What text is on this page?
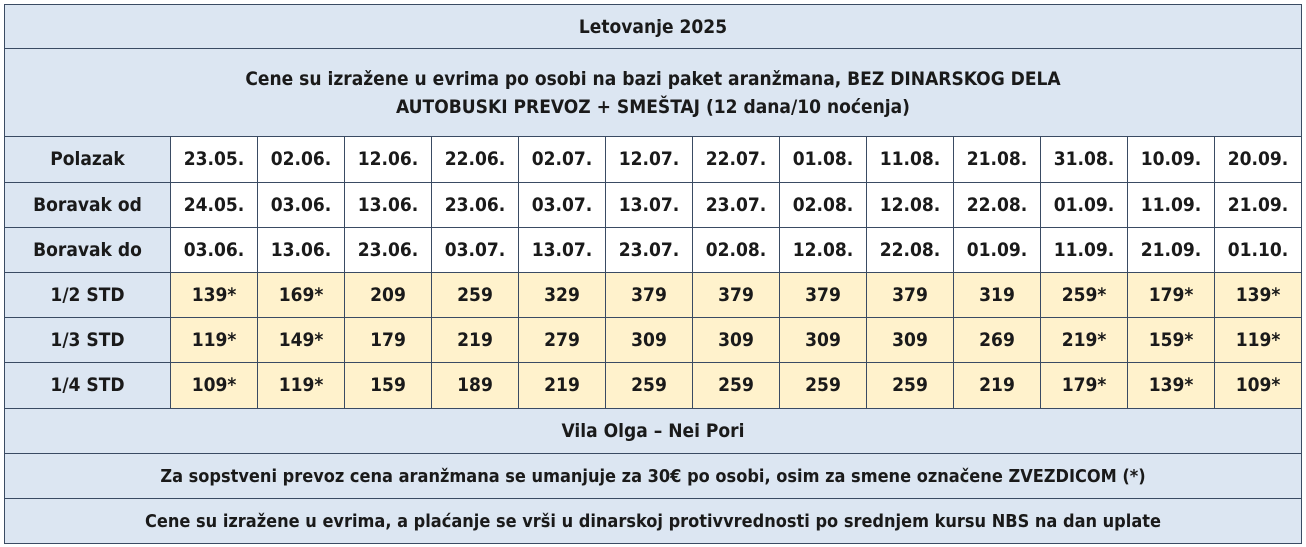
Letovanje 2025													

Cene su izražene u evrima po osobi na bazi paket aranžmana, BEZ DINARSKOG DELA
AUTOBUSKI PREVOZ + SMEŠTAJ (12 dana/10 noćenja)													

Polazak	23.05.	02.06.	12.06.	22.06.	02.07.	12.07.	22.07.	01.08.	11.08.	21.08.	31.08.	10.09.	20.09.
Boravak od	24.05.	03.06.	13.06.	23.06.	03.07.	13.07.	23.07.	02.08.	12.08.	22.08.	01.09.	11.09.	21.09.
Boravak do	03.06.	13.06.	23.06.	03.07.	13.07.	23.07.	02.08.	12.08.	22.08.	01.09.	11.09.	21.09.	01.10.
1/2 STD	139*	169*	209	259	329	379	379	379	379	319	259*	179*	139*
1/3 STD	119*	149*	179	219	279	309	309	309	309	269	219*	159*	119*
1/4 STD	109*	119*	159	189	219	259	259	259	259	219	179*	139*	109*
Vila Olga – Nei Pori													
Za sopstveni prevoz cena aranžmana se umanjuje za 30€ po osobi, osim za smene označene ZVEZDICOM (*)													
Cene su izražene u evrima, a plaćanje se vrši u dinarskoj protivvrednosti po srednjem kursu NBS na dan uplate													
